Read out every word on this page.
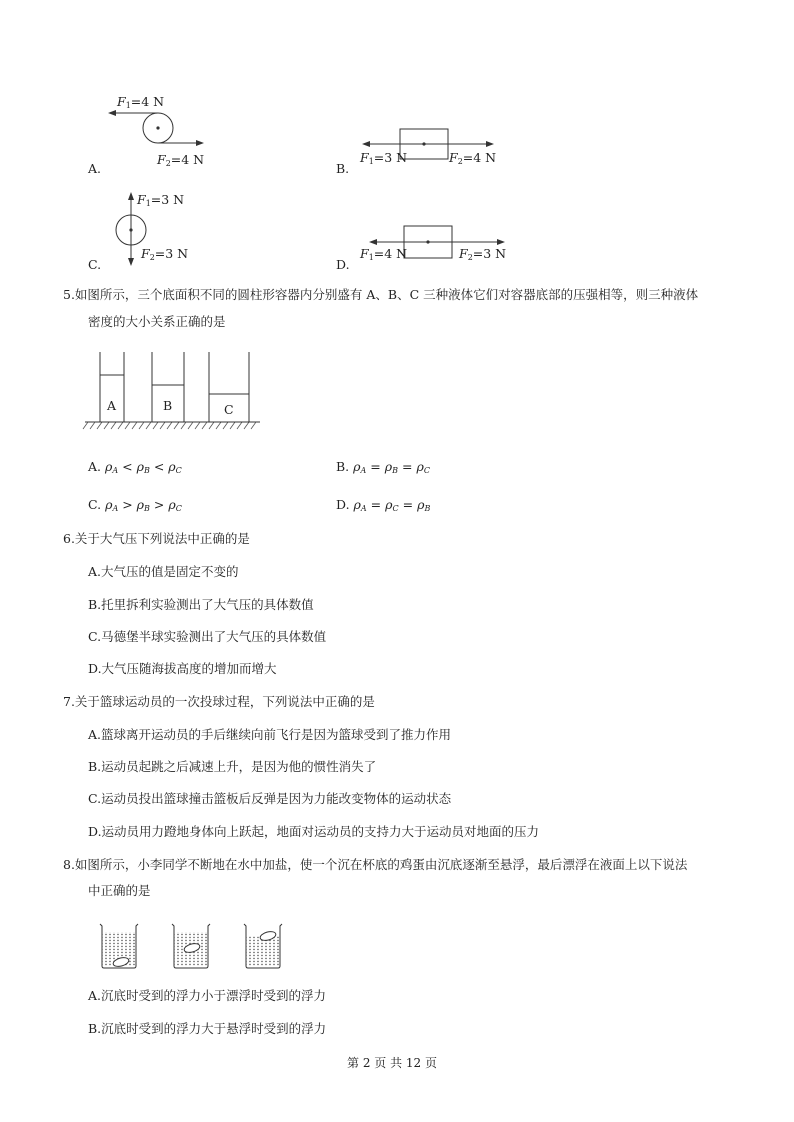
$F_1=4$ N
$F_2=4$ N
A.
$F_1=3$ N	$F_2=4$ N
B.
$F_1=3$ N
$F_2=3$ N
C.
$F_1=4$ N	$F_2=3$ N
D.
5.如图所示，三个底面积不同的圆柱形容器内分别盛有 A、B、C 三种液体它们对容器底部的压强相等，则三种液体
密度的大小关系正确的是
A	B	C
A. $\rho_A < \rho_B < \rho_C$	B. $\rho_A = \rho_B = \rho_C$
C. $\rho_A > \rho_B > \rho_C$	D. $\rho_A = \rho_C = \rho_B$
6.关于大气压下列说法中正确的是
A.大气压的值是固定不变的
B.托里拆利实验测出了大气压的具体数值
C.马德堡半球实验测出了大气压的具体数值
D.大气压随海拔高度的增加而增大
7.关于篮球运动员的一次投球过程，下列说法中正确的是
A.篮球离开运动员的手后继续向前飞行是因为篮球受到了推力作用
B.运动员起跳之后减速上升，是因为他的惯性消失了
C.运动员投出篮球撞击篮板后反弹是因为力能改变物体的运动状态
D.运动员用力蹬地身体向上跃起，地面对运动员的支持力大于运动员对地面的压力
8.如图所示，小李同学不断地在水中加盐，使一个沉在杯底的鸡蛋由沉底逐渐至悬浮，最后漂浮在液面上以下说法
中正确的是
A.沉底时受到的浮力小于漂浮时受到的浮力
B.沉底时受到的浮力大于悬浮时受到的浮力
第 2 页 共 12 页
